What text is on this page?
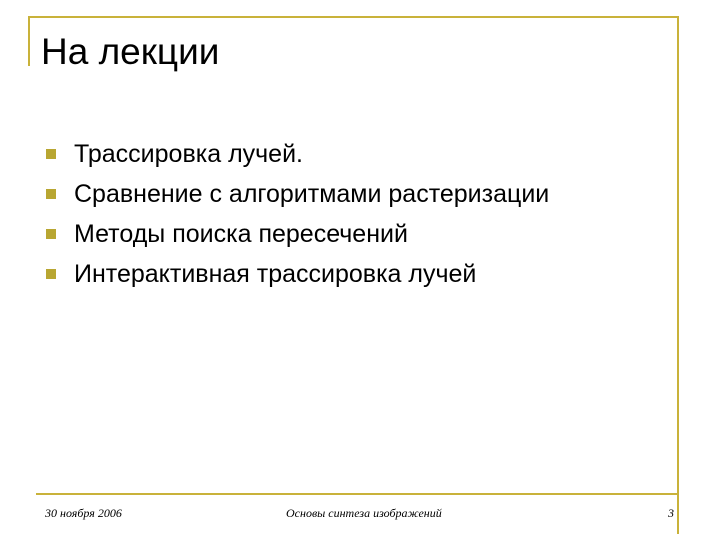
На лекции
Трассировка лучей.
Сравнение с алгоритмами растеризации
Методы поиска пересечений
Интерактивная трассировка лучей
30 ноября 2006	Основы синтеза изображений	3
